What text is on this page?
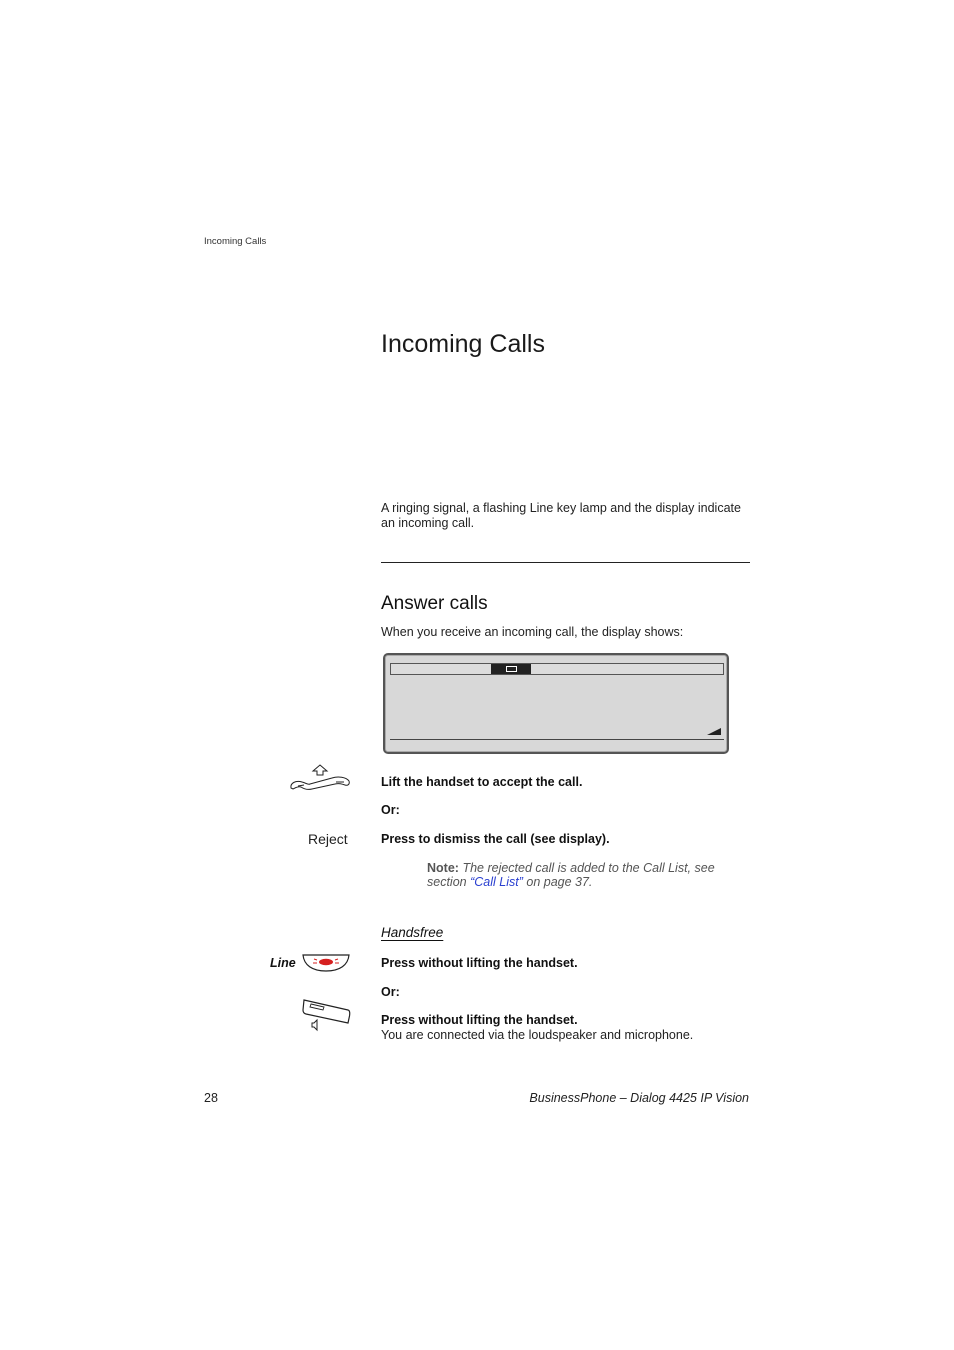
Incoming Calls
Incoming Calls
A ringing signal, a flashing Line key lamp and the display indicate an incoming call.
Answer calls
When you receive an incoming call, the display shows:
Lift the handset to accept the call.
Or:
Reject	Press to dismiss the call (see display).
Note: The rejected call is added to the Call List, see section “Call List” on page 37.
Handsfree
Line	Press without lifting the handset.
Or:
Press without lifting the handset.
You are connected via the loudspeaker and microphone.
28	BusinessPhone – Dialog 4425 IP Vision
